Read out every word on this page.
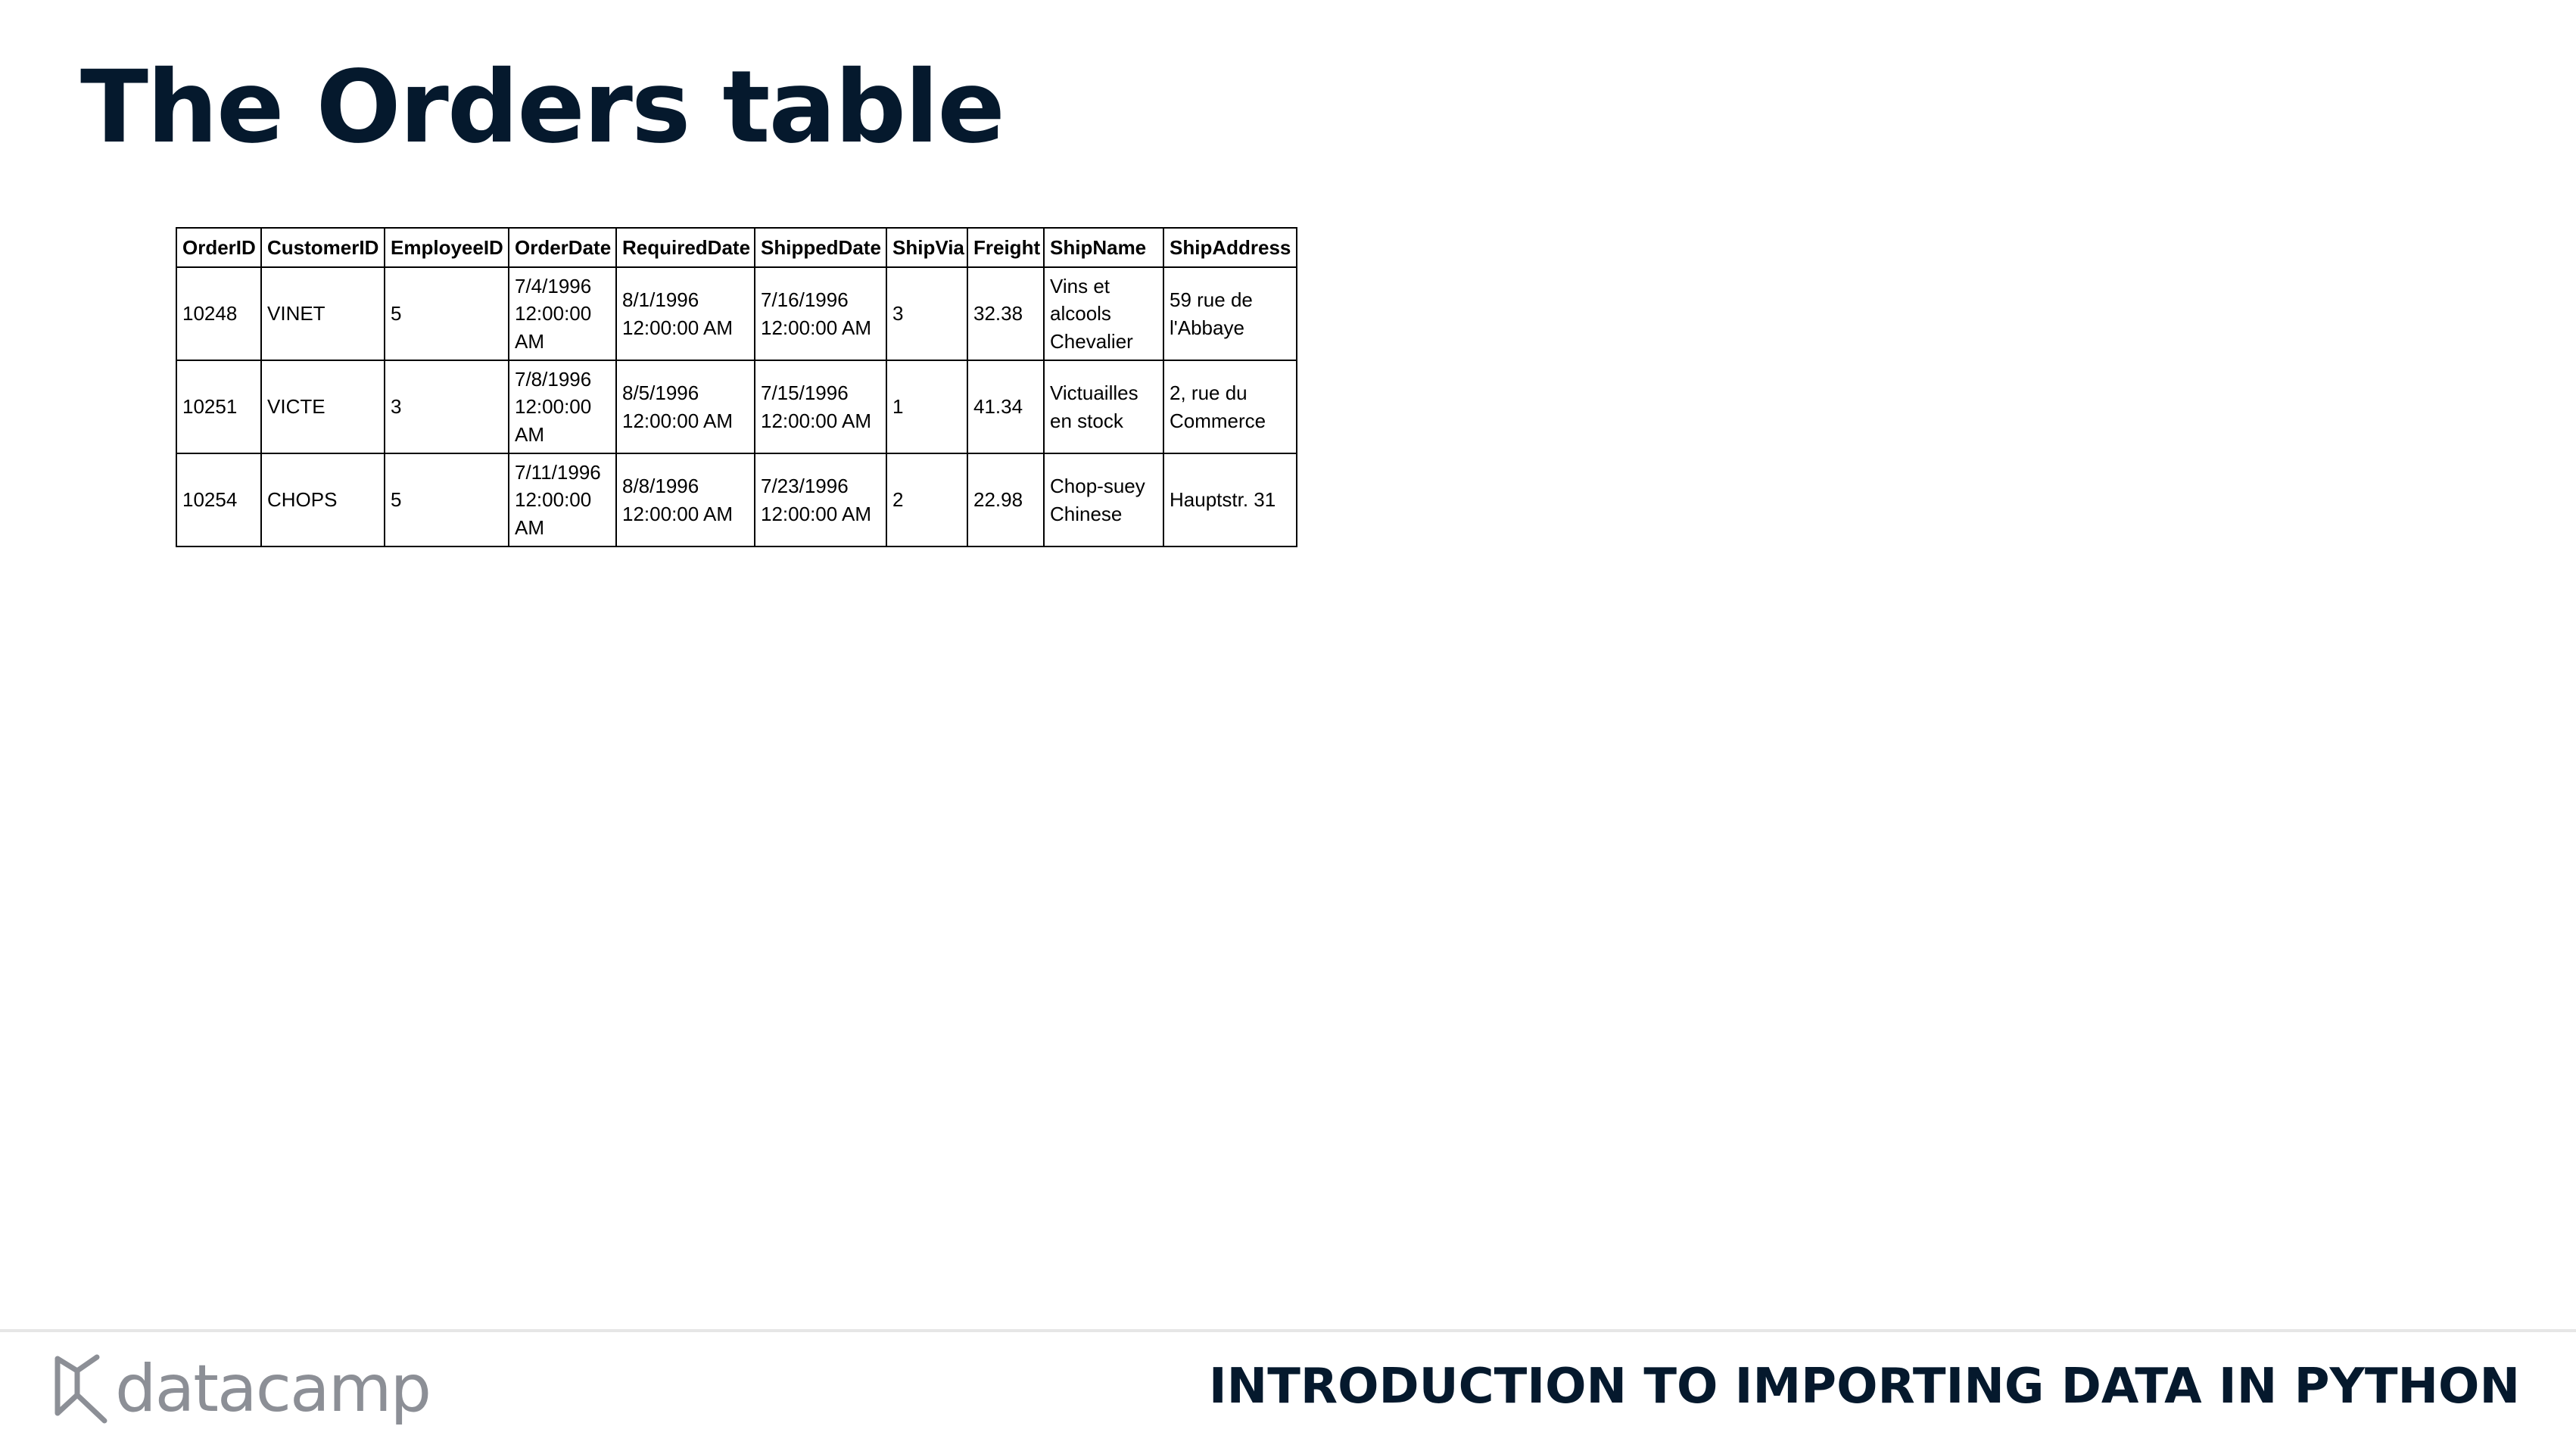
The Orders table
OrderID	CustomerID	EmployeeID	OrderDate	RequiredDate	ShippedDate	ShipVia	Freight	ShipName	ShipAddress
10248	VINET	5	7/4/1996 12:00:00 AM	8/1/1996 12:00:00 AM	7/16/1996 12:00:00 AM	3	32.38	Vins et alcools Chevalier	59 rue de l'Abbaye
10251	VICTE	3	7/8/1996 12:00:00 AM	8/5/1996 12:00:00 AM	7/15/1996 12:00:00 AM	1	41.34	Victuailles en stock	2, rue du Commerce
10254	CHOPS	5	7/11/1996 12:00:00 AM	8/8/1996 12:00:00 AM	7/23/1996 12:00:00 AM	2	22.98	Chop-suey Chinese	Hauptstr. 31
datacamp	INTRODUCTION TO IMPORTING DATA IN PYTHON
